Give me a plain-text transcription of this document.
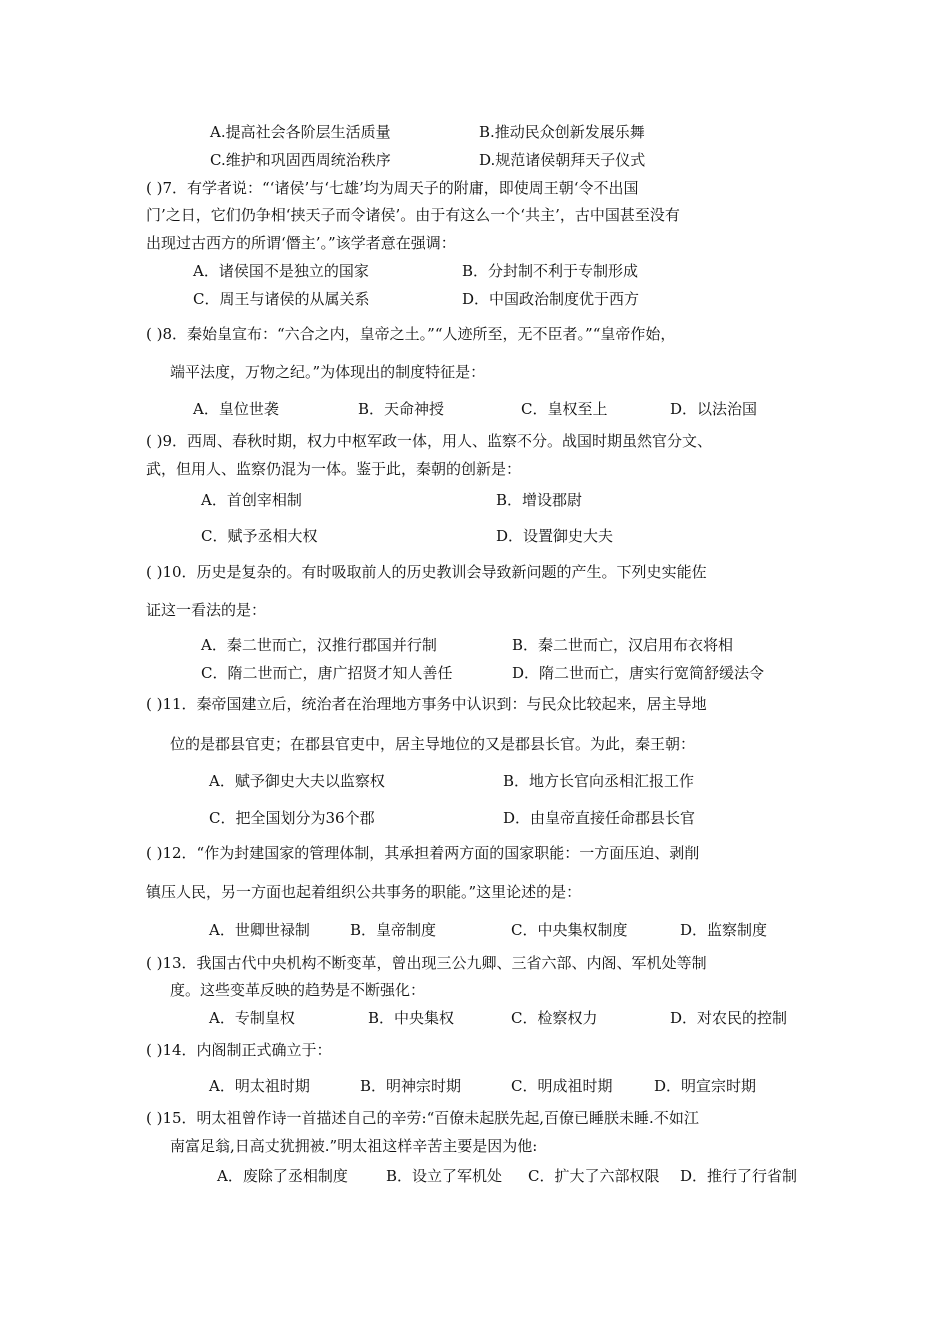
A.提高社会各阶层生活质量	B.推动民众创新发展乐舞
C.维护和巩固西周统治秩序	D.规范诸侯朝拜天子仪式
( )7．有学者说：“‘诸侯’与‘七雄’均为周天子的附庸，即使周王朝‘令不出国
门’之日，它们仍争相‘挟天子而令诸侯’。由于有这么一个‘共主’，古中国甚至没有
出现过古西方的所谓‘僭主’。”该学者意在强调：
A．诸侯国不是独立的国家	B．分封制不利于专制形成
C．周王与诸侯的从属关系	D．中国政治制度优于西方
( )8．秦始皇宣布：“六合之内，皇帝之土。”“人迹所至，无不臣者。”“皇帝作始，
端平法度，万物之纪。”为体现出的制度特征是：
A．皇位世袭	B．天命神授	C．皇权至上	D．以法治国
( )9．西周、春秋时期，权力中枢军政一体，用人、监察不分。战国时期虽然官分文、
武，但用人、监察仍混为一体。鉴于此，秦朝的创新是：
A．首创宰相制	B．增设郡尉
C．赋予丞相大权	D．设置御史大夫
( )10．历史是复杂的。有时吸取前人的历史教训会导致新问题的产生。下列史实能佐
证这一看法的是：
A．秦二世而亡，汉推行郡国并行制	B．秦二世而亡，汉启用布衣将相
C．隋二世而亡，唐广招贤才知人善任	D．隋二世而亡，唐实行宽简舒缓法令
( )11．秦帝国建立后，统治者在治理地方事务中认识到：与民众比较起来，居主导地
位的是郡县官吏；在郡县官吏中，居主导地位的又是郡县长官。为此，秦王朝：
A．赋予御史大夫以监察权	B．地方长官向丞相汇报工作
C．把全国划分为36个郡	D．由皇帝直接任命郡县长官
( )12．“作为封建国家的管理体制，其承担着两方面的国家职能：一方面压迫、剥削
镇压人民，另一方面也起着组织公共事务的职能。”这里论述的是：
A．世卿世禄制	B．皇帝制度	C．中央集权制度	D．监察制度
( )13．我国古代中央机构不断变革，曾出现三公九卿、三省六部、内阁、军机处等制
度。这些变革反映的趋势是不断强化：
A．专制皇权	B．中央集权	C．检察权力	D．对农民的控制
( )14．内阁制正式确立于：
A．明太祖时期	B．明神宗时期	C．明成祖时期	D．明宣宗时期
( )15．明太祖曾作诗一首描述自己的辛劳:“百僚未起朕先起,百僚已睡朕未睡.不如江
南富足翁,日高丈犹拥被.”明太祖这样辛苦主要是因为他:
A．废除了丞相制度	B．设立了军机处 C．扩大了六部权限 D．推行了行省制
